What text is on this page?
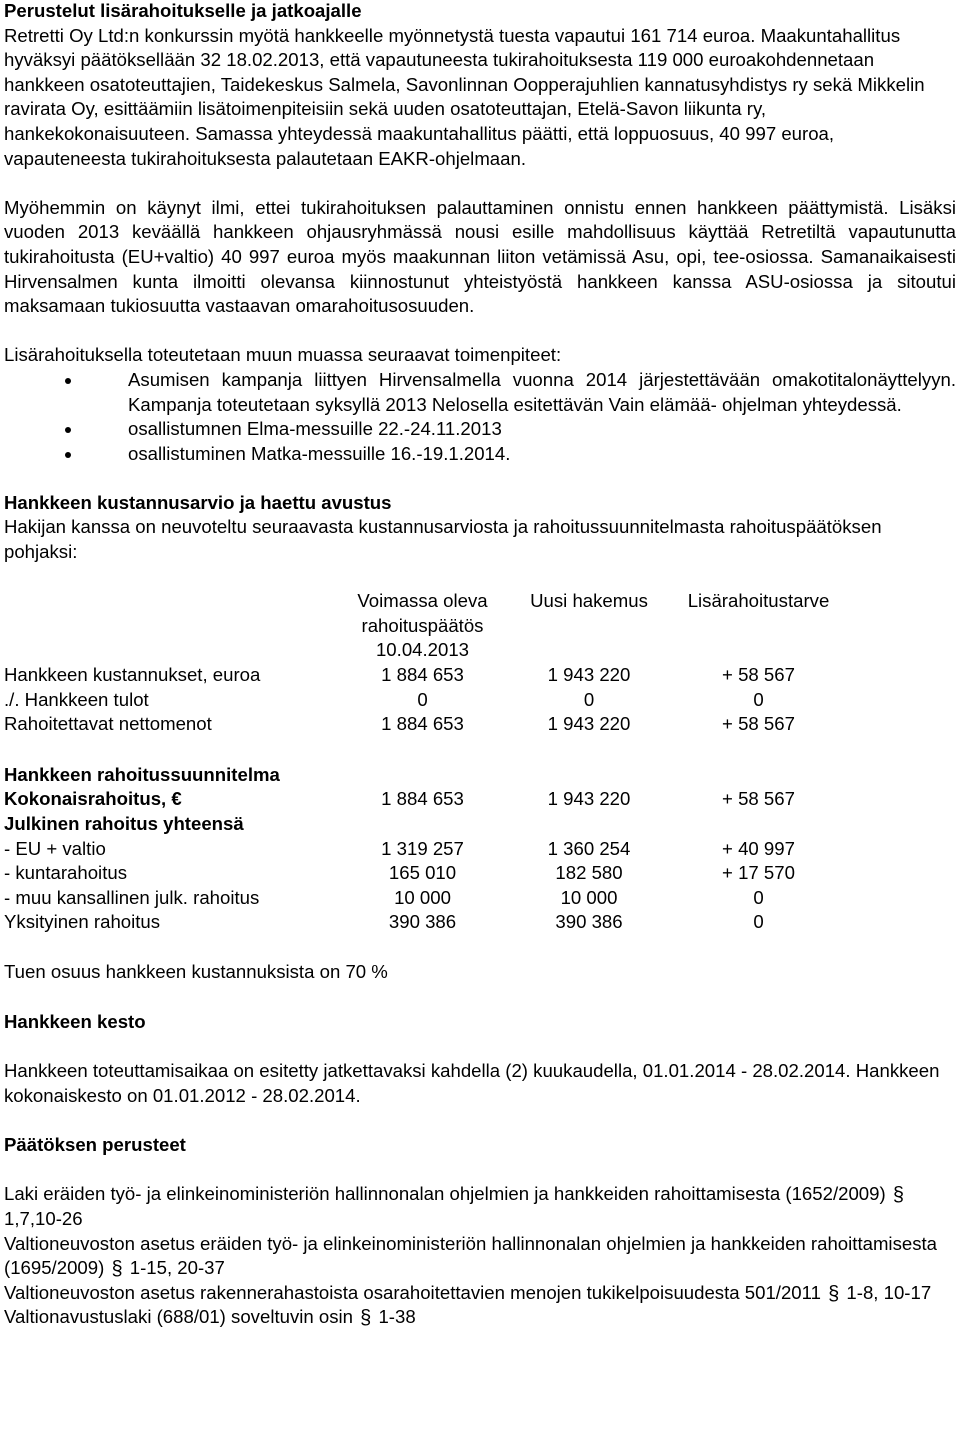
Perustelut lisärahoitukselle ja jatkoajalle

Retretti Oy Ltd:n konkurssin myötä hankkeelle myönnetystä tuesta vapautui 161 714 euroa. Maakuntahallitus hyväksyi päätöksellään 32 18.02.2013, että vapautuneesta tukirahoituksesta 119 000 euroakohdennetaan hankkeen osatoteuttajien, Taidekeskus Salmela, Savonlinnan Oopperajuhlien kannatusyhdistys ry sekä Mikkelin ravirata Oy, esittäämiin lisätoimenpiteisiin sekä uuden osatoteuttajan, Etelä-Savon liikunta ry, hankekokonaisuuteen. Samassa yhteydessä maakuntahallitus päätti, että loppuosuus, 40 997 euroa, vapauteneesta tukirahoituksesta palautetaan EAKR-ohjelmaan.

Myöhemmin on käynyt ilmi, ettei tukirahoituksen palauttaminen onnistu ennen hankkeen päättymistä. Lisäksi vuoden 2013 keväällä hankkeen ohjausryhmässä nousi esille mahdollisuus käyttää Retretiltä vapautunutta tukirahoitusta (EU+valtio) 40 997 euroa myös maakunnan liiton vetämissä Asu, opi, tee-osiossa. Samanaikaisesti Hirvensalmen kunta ilmoitti olevansa kiinnostunut yhteistyöstä hankkeen kanssa ASU-osiossa ja sitoutui maksamaan tukiosuutta vastaavan omarahoitusosuuden.

Lisärahoituksella toteutetaan muun muassa seuraavat toimenpiteet:

Asumisen kampanja liittyen Hirvensalmella vuonna 2014 järjestettävään omakotitalonäyttelyyn. Kampanja toteutetaan syksyllä 2013 Nelosella esitettävän Vain elämää- ohjelman yhteydessä.
osallistumnen Elma-messuille 22.-24.11.2013
osallistuminen Matka-messuille 16.-19.1.2014.

Hankkeen kustannusarvio ja haettu avustus

Hakijan kanssa on neuvoteltu seuraavasta kustannusarviosta ja rahoitussuunnitelmasta rahoituspäätöksen pohjaksi:

	Voimassa oleva rahoituspäätös 10.04.2013	Uusi hakemus	Lisärahoitustarve
Hankkeen kustannukset, euroa	1 884 653	1 943 220	+ 58 567
./. Hankkeen tulot	0	0	0
Rahoitettavat nettomenot	1 884 653	1 943 220	+ 58 567
Hankkeen rahoitussuunnitelma			
Kokonaisrahoitus, €	1 884 653	1 943 220	+ 58 567
Julkinen rahoitus yhteensä			
- EU + valtio	1 319 257	1 360 254	+ 40 997
- kuntarahoitus	165 010	182 580	+ 17 570
- muu kansallinen julk. rahoitus	10 000	10 000	0
Yksityinen rahoitus	390 386	390 386	0

Tuen osuus hankkeen kustannuksista on 70 %

Hankkeen kesto

Hankkeen toteuttamisaikaa on esitetty jatkettavaksi kahdella (2) kuukaudella, 01.01.2014 - 28.02.2014. Hankkeen kokonaiskesto on 01.01.2012 - 28.02.2014.

Päätöksen perusteet

Laki eräiden työ- ja elinkeinoministeriön hallinnonalan ohjelmien ja hankkeiden rahoittamisesta (1652/2009) § 1,7,10-26

Valtioneuvoston asetus eräiden työ- ja elinkeinoministeriön hallinnonalan ohjelmien ja hankkeiden rahoittamisesta (1695/2009) § 1-15, 20-37

Valtioneuvoston asetus rakennerahastoista osarahoitettavien menojen tukikelpoisuudesta 501/2011 § 1-8, 10-17

Valtionavustuslaki (688/01) soveltuvin osin § 1-38
